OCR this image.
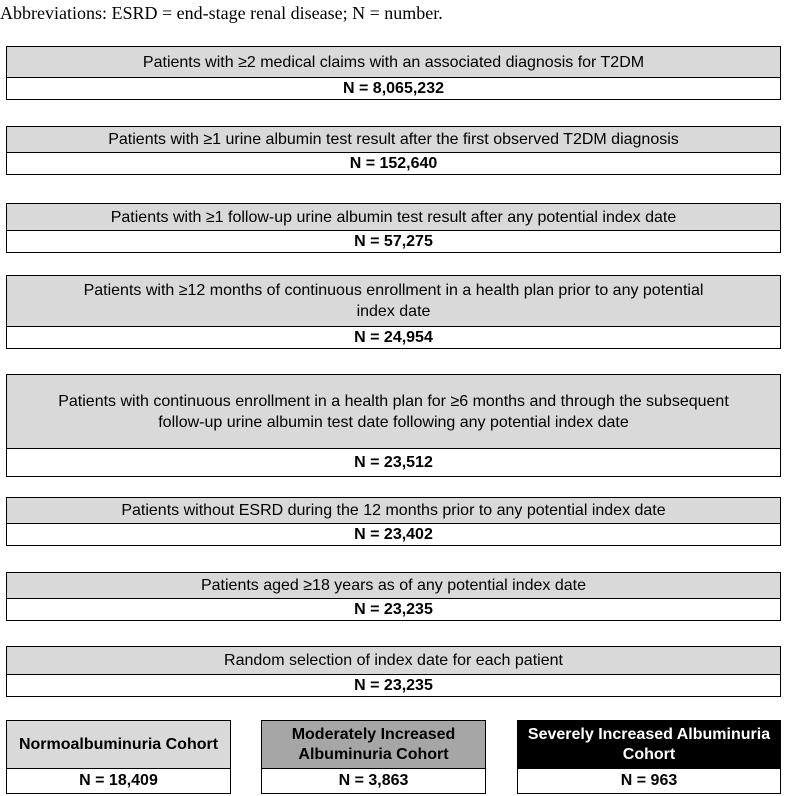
Abbreviations: ESRD = end-stage renal disease; N = number.
Patients with ≥2 medical claims with an associated diagnosis for T2DM
N = 8,065,232
Patients with ≥1 urine albumin test result after the first observed T2DM diagnosis
N = 152,640
Patients with ≥1 follow-up urine albumin test result after any potential index date
N = 57,275
Patients with ≥12 months of continuous enrollment in a health plan prior to any potential index date
N = 24,954
Patients with continuous enrollment in a health plan for ≥6 months and through the subsequent follow-up urine albumin test date following any potential index date
N = 23,512
Patients without ESRD during the 12 months prior to any potential index date
N = 23,402
Patients aged ≥18 years as of any potential index date
N = 23,235
Random selection of index date for each patient
N = 23,235
Normoalbuminuria Cohort
N = 18,409
Moderately Increased Albuminuria Cohort
N = 3,863
Severely Increased Albuminuria Cohort
N = 963
